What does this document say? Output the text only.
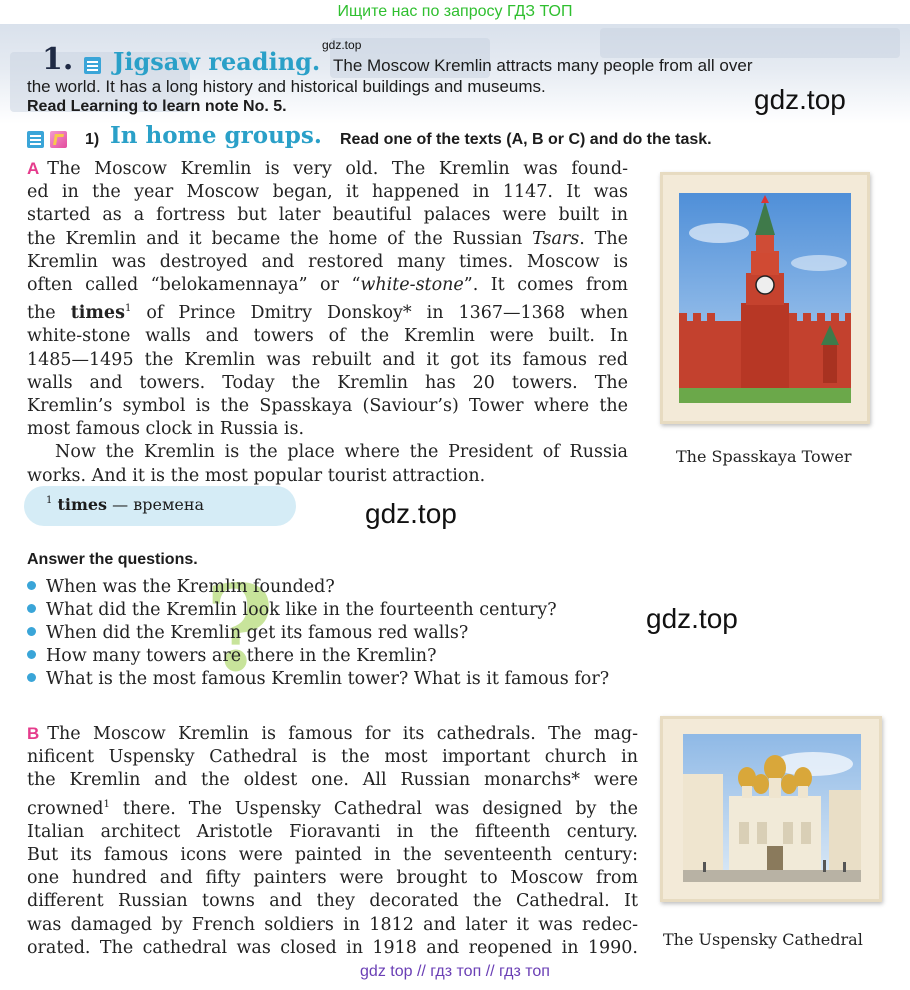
Ищите нас по запросу ГДЗ ТОП
gdz.top
1. Jigsaw reading. The Moscow Kremlin attracts many people from all over
the world. It has a long history and historical buildings and museums.
Read Learning to learn note No. 5.	gdz.top
1) In home groups. Read one of the texts (A, B or C) and do the task.

A The Moscow Kremlin is very old. The Kremlin was found-

ed in the year Moscow began, it happened in 1147. It was

started as a fortress but later beautiful palaces were built in

the Kremlin and it became the home of the Russian Tsars. The

Kremlin was destroyed and restored many times. Moscow is

often called “belokamennaya” or “white-stone”. It comes from

the times$^1$ of Prince Dmitry Donskoy* in 1367—1368 when

white-stone walls and towers of the Kremlin were built. In

1485—1495 the Kremlin was rebuilt and it got its famous red

walls and towers. Today the Kremlin has 20 towers. The

Kremlin’s symbol is the Spasskaya (Saviour’s) Tower where the

most famous clock in Russia is.

Now the Kremlin is the place where the President of Russia

works. And it is the most popular tourist attraction.

The Spasskaya Tower
$^1$ times — времена	gdz.top
Answer the questions. ?
When was the Kremlin founded?
What did the Kremlin look like in the fourteenth century?
When did the Kremlin get its famous red walls?
How many towers are there in the Kremlin?
What is the most famous Kremlin tower? What is it famous for?
gdz.top

B The Moscow Kremlin is famous for its cathedrals. The mag-

nificent Uspensky Cathedral is the most important church in

the Kremlin and the oldest one. All Russian monarchs* were

crowned$^1$ there. The Uspensky Cathedral was designed by the

Italian architect Aristotle Fioravanti in the fifteenth century.

But its famous icons were painted in the seventeenth century:

one hundred and fifty painters were brought to Moscow from

different Russian towns and they decorated the Cathedral. It

was damaged by French soldiers in 1812 and later it was redec-

orated. The cathedral was closed in 1918 and reopened in 1990. The Uspensky Cathedral
gdz top // гдз топ // гдз топ
